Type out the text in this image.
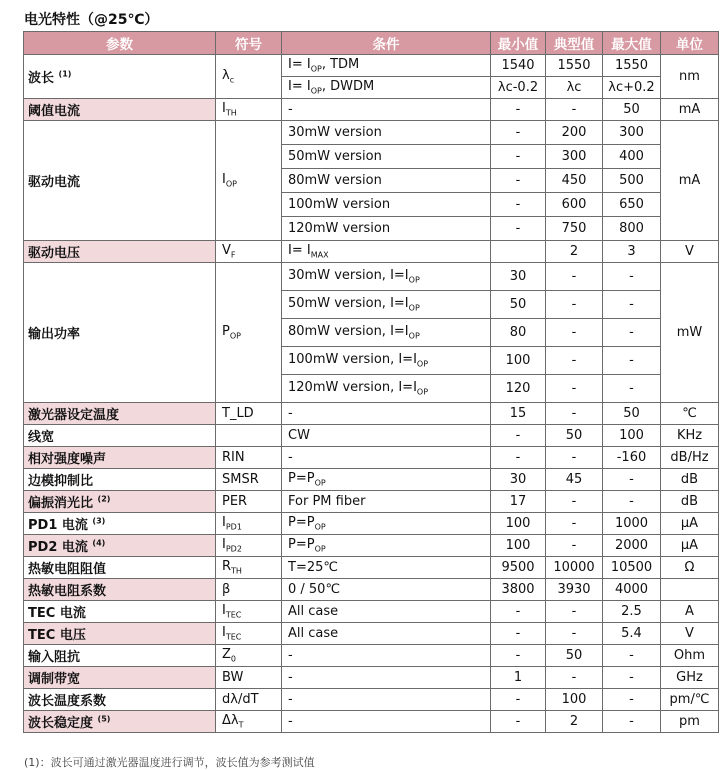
电光特性（@25℃）
参数	符号	条件	最小值	典型值	最大值	单位
波长 $^{(1)}$	$\lambda_c$	$I= I_{OP}$, TDM	1540	1550	1550	nm
		$I= I_{OP}$, DWDM	λc-0.2	λc	λc+0.2	
阈值电流	$I_{TH}$	-	-	-	50	mA
驱动电流	$I_{OP}$	30mW version	-	200	300	mA
		50mW version	-	300	400	
		80mW version	-	450	500	
		100mW version	-	600	650	
		120mW version	-	750	800	
驱动电压	$V_F$	$I= I_{MAX}$		2	3	V
输出功率	$P_{OP}$	30mW version, $I=I_{OP}$	30	-	-	mW
		50mW version, $I=I_{OP}$	50	-	-	
		80mW version, $I=I_{OP}$	80	-	-	
		100mW version, $I=I_{OP}$	100	-	-	
		120mW version, $I=I_{OP}$	120	-	-	
激光器设定温度	T_LD	-	15	-	50	℃
线宽		CW	-	50	100	KHz
相对强度噪声	RIN	-	-	-	-160	dB/Hz
边模抑制比	SMSR	$P=P_{OP}$	30	45	-	dB
偏振消光比 $^{(2)}$	PER	For PM fiber	17	-	-	dB
PD1 电流 $^{(3)}$	$I_{PD1}$	$P=P_{OP}$	100	-	1000	μA
PD2 电流 $^{(4)}$	$I_{PD2}$	$P=P_{OP}$	100	-	2000	μA
热敏电阻阻值	$R_{TH}$	T=25℃	9500	10000	10500	Ω
热敏电阻系数	β	0 / 50℃	3800	3930	4000	
TEC 电流	$I_{TEC}$	All case	-	-	2.5	A
TEC 电压	$I_{TEC}$	All case	-	-	5.4	V
输入阻抗	$Z_0$	-	-	50	-	Ohm
调制带宽	BW	-	1	-	-	GHz
波长温度系数	dλ/dT	-	-	100	-	pm/℃
波长稳定度 $^{(5)}$	$\Delta\lambda_T$	-	-	2	-	pm
(1)：波长可通过激光器温度进行调节，波长值为参考测试值
